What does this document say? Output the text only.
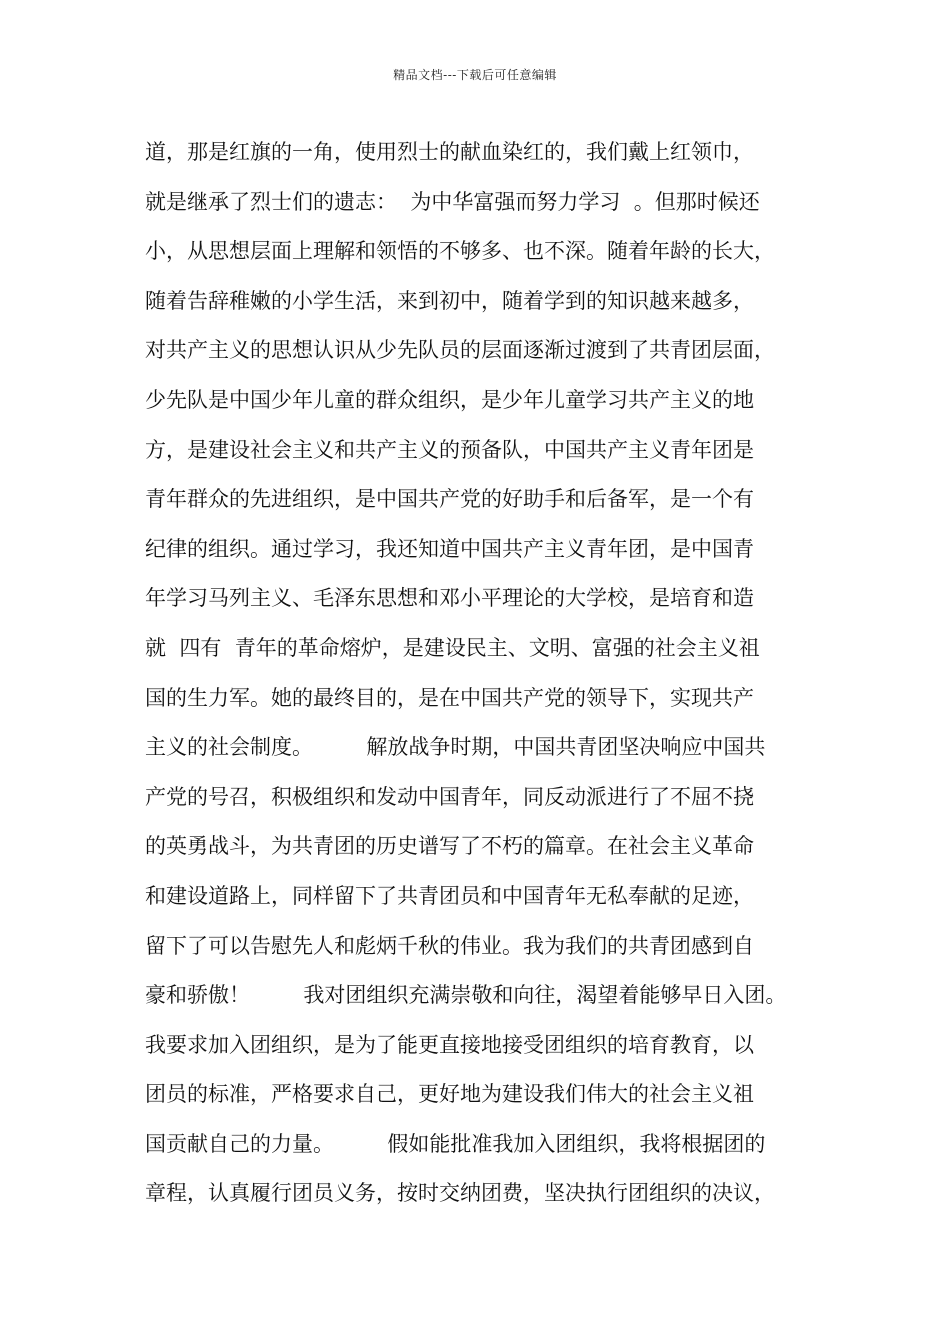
精品文档---下载后可任意编辑
道，那是红旗的一角，使用烈士的献血染红的，我们戴上红领巾，
就是继承了烈士们的遗志：  为中华富强而努力学习  。但那时候还
小，从思想层面上理解和领悟的不够多、也不深。随着年龄的长大，
随着告辞稚嫩的小学生活，来到初中，随着学到的知识越来越多，
对共产主义的思想认识从少先队员的层面逐渐过渡到了共青团层面，
少先队是中国少年儿童的群众组织，是少年儿童学习共产主义的地
方，是建设社会主义和共产主义的预备队，中国共产主义青年团是
青年群众的先进组织，是中国共产党的好助手和后备军，是一个有
纪律的组织。通过学习，我还知道中国共产主义青年团，是中国青
年学习马列主义、毛泽东思想和邓小平理论的大学校，是培育和造
就  四有  青年的革命熔炉，是建设民主、文明、富强的社会主义祖
国的生力军。她的最终目的，是在中国共产党的领导下，实现共产
主义的社会制度。        解放战争时期，中国共青团坚决响应中国共
产党的号召，积极组织和发动中国青年，同反动派进行了不屈不挠
的英勇战斗，为共青团的历史谱写了不朽的篇章。在社会主义革命
和建设道路上，同样留下了共青团员和中国青年无私奉献的足迹，
留下了可以告慰先人和彪炳千秋的伟业。我为我们的共青团感到自
豪和骄傲！        我对团组织充满崇敬和向往，渴望着能够早日入团。
我要求加入团组织，是为了能更直接地接受团组织的培育教育，以
团员的标准，严格要求自己，更好地为建设我们伟大的社会主义祖
国贡献自己的力量。        假如能批准我加入团组织，我将根据团的
章程，认真履行团员义务，按时交纳团费，坚决执行团组织的决议，
